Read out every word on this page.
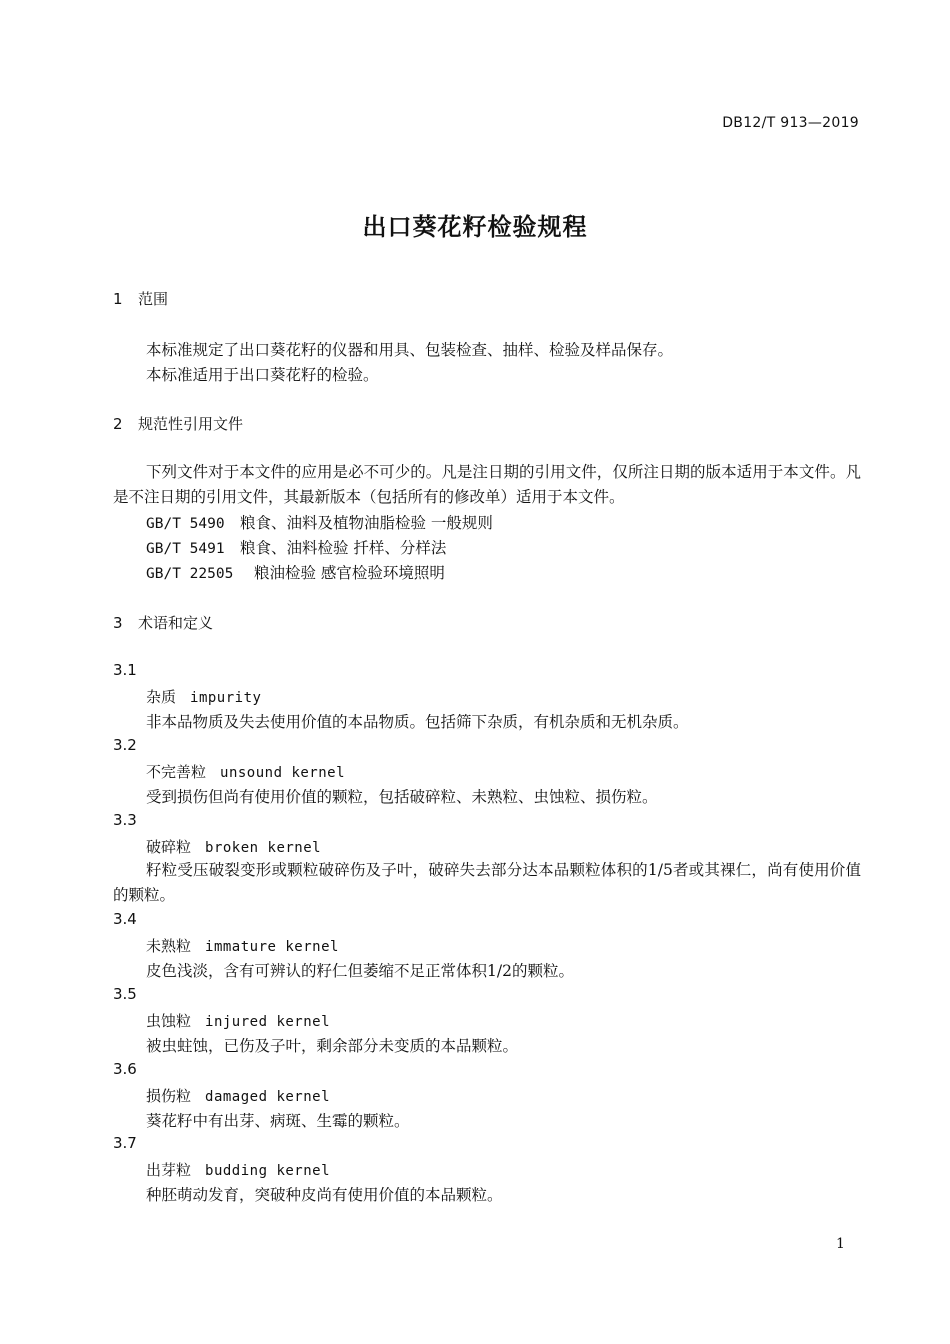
DB12/T 913—2019
出口葵花籽检验规程
1 范围
本标准规定了出口葵花籽的仪器和用具、包装检查、抽样、检验及样品保存。
本标准适用于出口葵花籽的检验。
2 规范性引用文件
下列文件对于本文件的应用是必不可少的。凡是注日期的引用文件，仅所注日期的版本适用于本文件。凡是不注日期的引用文件，其最新版本（包括所有的修改单）适用于本文件。
GB/T 5490 粮食、油料及植物油脂检验 一般规则
GB/T 5491 粮食、油料检验 扦样、分样法
GB/T 22505 粮油检验 感官检验环境照明
3 术语和定义
3.1
杂质 impurity
非本品物质及失去使用价值的本品物质。包括筛下杂质，有机杂质和无机杂质。
3.2
不完善粒 unsound kernel
受到损伤但尚有使用价值的颗粒，包括破碎粒、未熟粒、虫蚀粒、损伤粒。
3.3
破碎粒 broken kernel
籽粒受压破裂变形或颗粒破碎伤及子叶，破碎失去部分达本品颗粒体积的1/5者或其裸仁，尚有使用价值的颗粒。
3.4
未熟粒 immature kernel
皮色浅淡，含有可辨认的籽仁但萎缩不足正常体积1/2的颗粒。
3.5
虫蚀粒 injured kernel
被虫蛀蚀，已伤及子叶，剩余部分未变质的本品颗粒。
3.6
损伤粒 damaged kernel
葵花籽中有出芽、病斑、生霉的颗粒。
3.7
出芽粒 budding kernel
种胚萌动发育，突破种皮尚有使用价值的本品颗粒。
1
